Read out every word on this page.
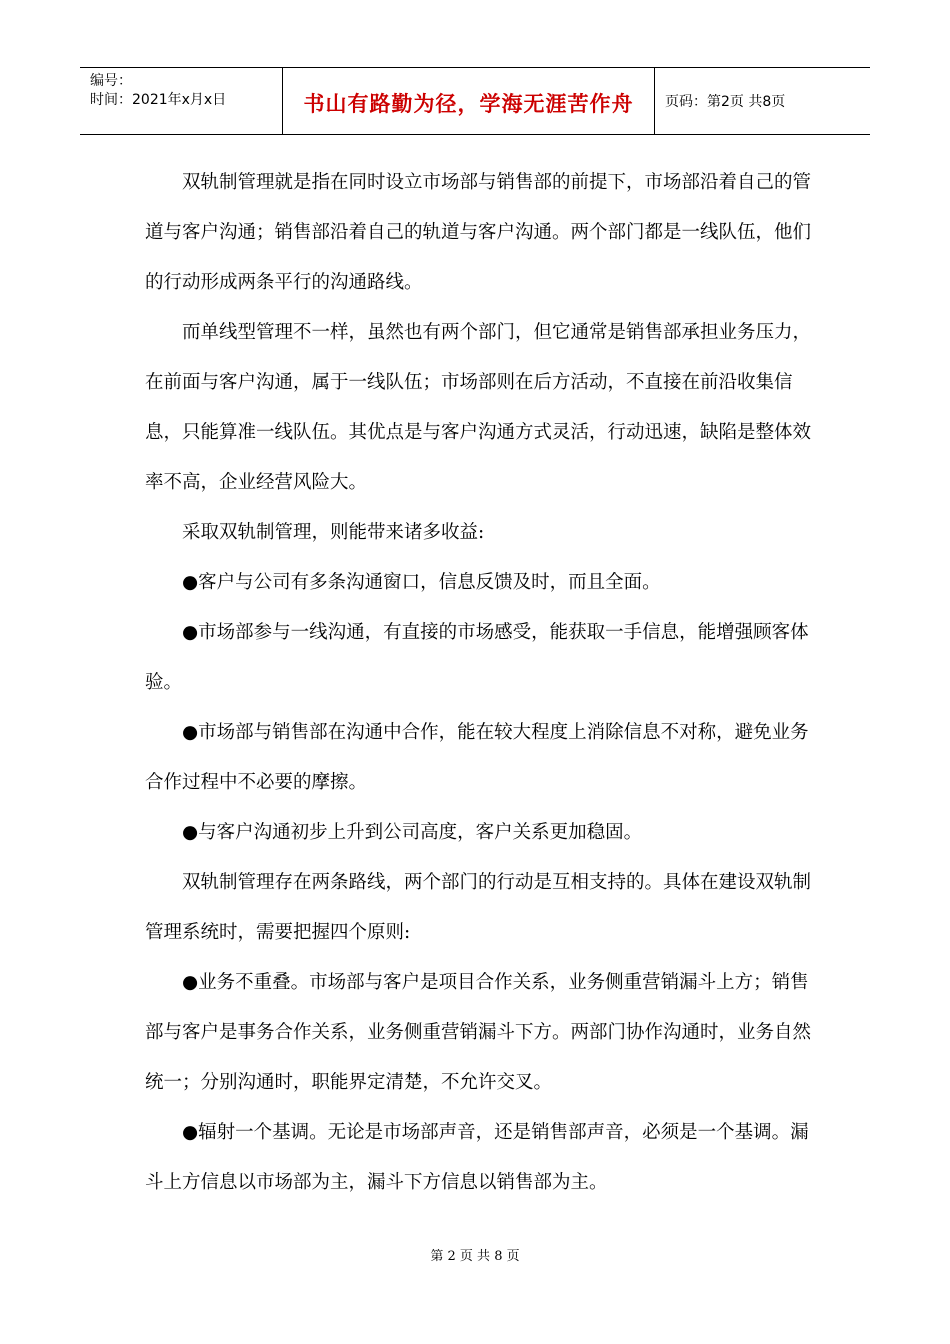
编号：
时间：2021年x月x日	书山有路勤为径，学海无涯苦作舟	页码：第2页 共8页

双轨制管理就是指在同时设立市场部与销售部的前提下，市场部沿着自己的管道与客户沟通；销售部沿着自己的轨道与客户沟通。两个部门都是一线队伍，他们的行动形成两条平行的沟通路线。

而单线型管理不一样，虽然也有两个部门，但它通常是销售部承担业务压力，在前面与客户沟通，属于一线队伍；市场部则在后方活动，不直接在前沿收集信息，只能算准一线队伍。其优点是与客户沟通方式灵活，行动迅速，缺陷是整体效率不高，企业经营风险大。

采取双轨制管理，则能带来诸多收益:

●客户与公司有多条沟通窗口，信息反馈及时，而且全面。

●市场部参与一线沟通，有直接的市场感受，能获取一手信息，能增强顾客体验。

●市场部与销售部在沟通中合作，能在较大程度上消除信息不对称，避免业务合作过程中不必要的摩擦。

●与客户沟通初步上升到公司高度，客户关系更加稳固。

双轨制管理存在两条路线，两个部门的行动是互相支持的。具体在建设双轨制管理系统时，需要把握四个原则:

●业务不重叠。市场部与客户是项目合作关系，业务侧重营销漏斗上方；销售部与客户是事务合作关系，业务侧重营销漏斗下方。两部门协作沟通时，业务自然统一；分别沟通时，职能界定清楚，不允许交叉。

●辐射一个基调。无论是市场部声音，还是销售部声音，必须是一个基调。漏斗上方信息以市场部为主，漏斗下方信息以销售部为主。

第 2 页 共 8 页
